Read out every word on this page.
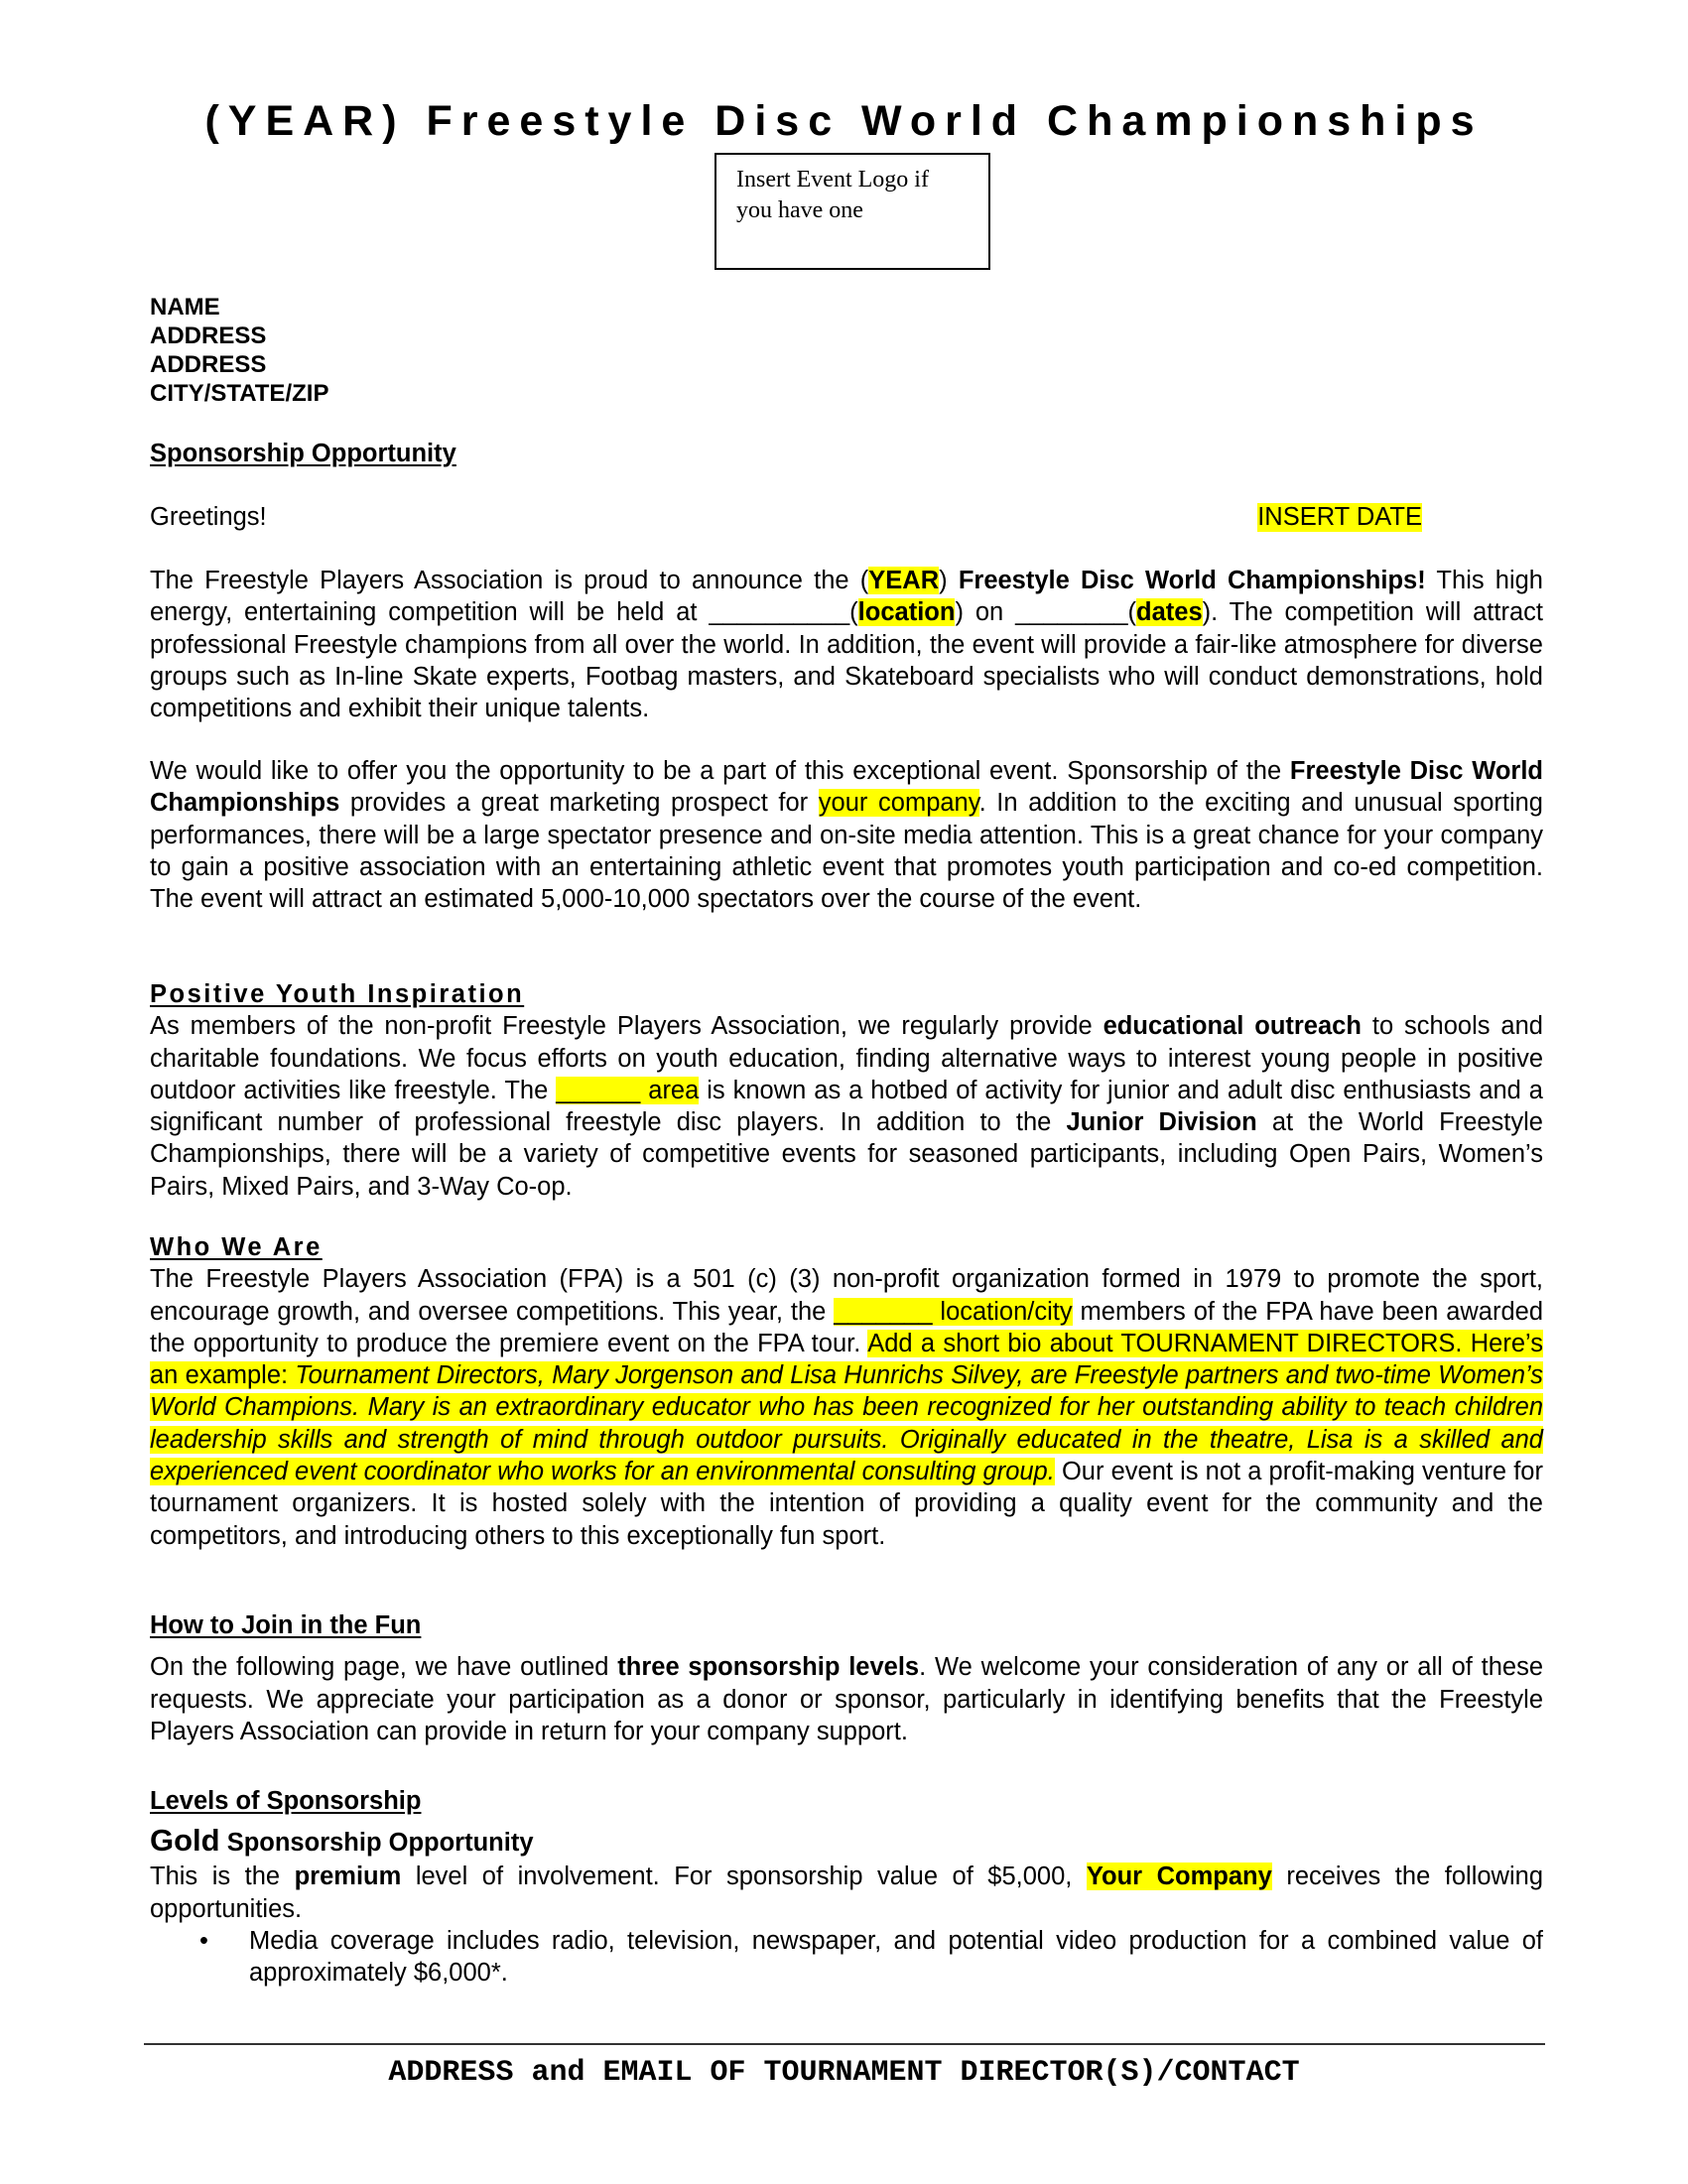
(YEAR) Freestyle Disc World Championships
Insert Event Logo if
you have one
NAME
ADDRESS
ADDRESS
CITY/STATE/ZIP
Sponsorship Opportunity
Greetings!	INSERT DATE

The Freestyle Players Association is proud to announce the (YEAR) Freestyle Disc World Championships! This high energy, entertaining competition will be held at __________(location) on ________(dates). The competition will attract professional Freestyle champions from all over the world. In addition, the event will provide a fair-like atmosphere for diverse groups such as In-line Skate experts, Footbag masters, and Skateboard specialists who will conduct demonstrations, hold competitions and exhibit their unique talents.

We would like to offer you the opportunity to be a part of this exceptional event. Sponsorship of the Freestyle Disc World Championships provides a great marketing prospect for your company. In addition to the exciting and unusual sporting performances, there will be a large spectator presence and on-site media attention. This is a great chance for your company to gain a positive association with an entertaining athletic event that promotes youth participation and co-ed competition. The event will attract an estimated 5,000-10,000 spectators over the course of the event.

Positive Youth Inspiration

As members of the non-profit Freestyle Players Association, we regularly provide educational outreach to schools and charitable foundations. We focus efforts on youth education, finding alternative ways to interest young people in positive outdoor activities like freestyle. The ______ area is known as a hotbed of activity for junior and adult disc enthusiasts and a significant number of professional freestyle disc players. In addition to the Junior Division at the World Freestyle Championships, there will be a variety of competitive events for seasoned participants, including Open Pairs, Women’s Pairs, Mixed Pairs, and 3-Way Co-op.

Who We Are

The Freestyle Players Association (FPA) is a 501 (c) (3) non-profit organization formed in 1979 to promote the sport, encourage growth, and oversee competitions. This year, the _______ location/city members of the FPA have been awarded the opportunity to produce the premiere event on the FPA tour. Add a short bio about TOURNAMENT DIRECTORS. Here’s an example: Tournament Directors, Mary Jorgenson and Lisa Hunrichs Silvey, are Freestyle partners and two-time Women’s World Champions. Mary is an extraordinary educator who has been recognized for her outstanding ability to teach children leadership skills and strength of mind through outdoor pursuits. Originally educated in the theatre, Lisa is a skilled and experienced event coordinator who works for an environmental consulting group. Our event is not a profit-making venture for tournament organizers. It is hosted solely with the intention of providing a quality event for the community and the competitors, and introducing others to this exceptionally fun sport.

How to Join in the Fun

On the following page, we have outlined three sponsorship levels. We welcome your consideration of any or all of these requests. We appreciate your participation as a donor or sponsor, particularly in identifying benefits that the Freestyle Players Association can provide in return for your company support.

Levels of Sponsorship
Gold Sponsorship Opportunity

This is the premium level of involvement. For sponsorship value of $5,000, Your Company receives the following opportunities.

• Media coverage includes radio, television, newspaper, and potential video production for a combined value of approximately $6,000*.
ADDRESS and EMAIL OF TOURNAMENT DIRECTOR(S)/CONTACT
